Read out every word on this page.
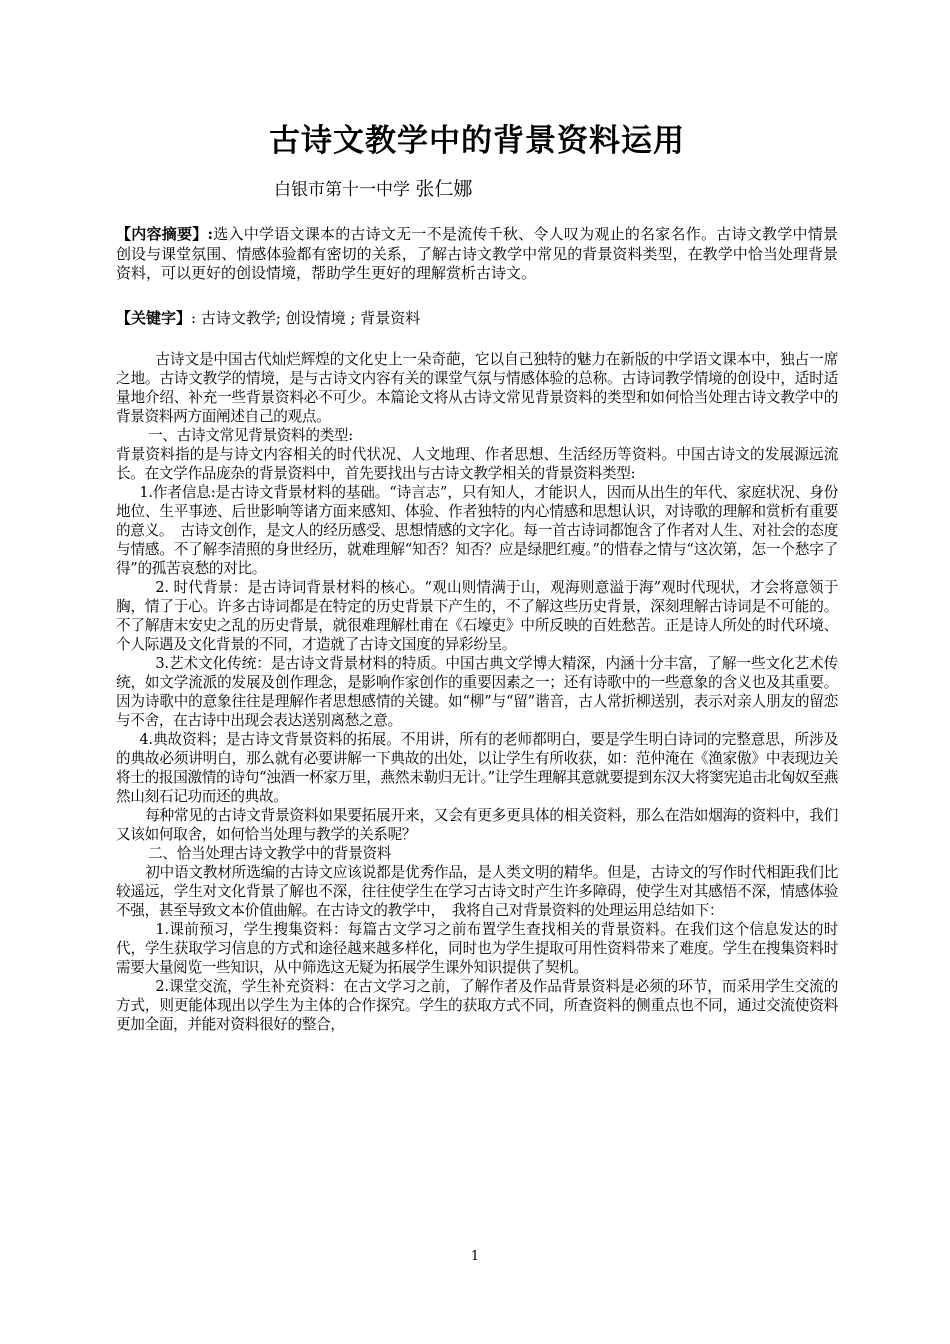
古诗文教学中的背景资料运用
白银市第十一中学 张仁娜
【内容摘要】:选入中学语文课本的古诗文无一不是流传千秋、令人叹为观止的名家名作。古诗文教学中情景创设与课堂氛围、情感体验都有密切的关系，了解古诗文教学中常见的背景资料类型，在教学中恰当处理背景资料，可以更好的创设情境，帮助学生更好的理解赏析古诗文。
【关键字】: 古诗文教学; 创设情境 ; 背景资料

古诗文是中国古代灿烂辉煌的文化史上一朵奇葩，它以自己独特的魅力在新版的中学语文课本中，独占一席之地。古诗文教学的情境，是与古诗文内容有关的课堂气氛与情感体验的总称。古诗词教学情境的创设中，适时适量地介绍、补充一些背景资料必不可少。本篇论文将从古诗文常见背景资料的类型和如何恰当处理古诗文教学中的背景资料两方面阐述自己的观点。

一、古诗文常见背景资料的类型:

背景资料指的是与诗文内容相关的时代状况、人文地理、作者思想、生活经历等资料。中国古诗文的发展源远流长。在文学作品庞杂的背景资料中，首先要找出与古诗文教学相关的背景资料类型:

1.作者信息:是古诗文背景材料的基础。“诗言志”，只有知人，才能识人，因而从出生的年代、家庭状况、身份地位、生平事迹、后世影响等诸方面来感知、体验、作者独特的内心情感和思想认识，对诗歌的理解和赏析有重要的意义。　古诗文创作，是文人的经历感受、思想情感的文字化。每一首古诗词都饱含了作者对人生、对社会的态度与情感。不了解李清照的身世经历，就难理解“知否？知否？应是绿肥红瘦。”的惜春之情与“这次第，怎一个愁字了得”的孤苦哀愁的对比。

2. 时代背景：是古诗词背景材料的核心。“观山则情满于山，观海则意溢于海”观时代现状，才会将意领于胸，情了于心。许多古诗词都是在特定的历史背景下产生的，不了解这些历史背景，深刻理解古诗词是不可能的。不了解唐末安史之乱的历史背景，就很难理解杜甫在《石壕吏》中所反映的百姓愁苦。正是诗人所处的时代环境、个人际遇及文化背景的不同，才造就了古诗文国度的异彩纷呈。

3.艺术文化传统：是古诗文背景材料的特质。中国古典文学博大精深，内涵十分丰富，了解一些文化艺术传统，如文学流派的发展及创作理念，是影响作家创作的重要因素之一；还有诗歌中的一些意象的含义也及其重要。因为诗歌中的意象往往是理解作者思想感情的关键。如“柳”与“留”谐音，古人常折柳送别，表示对亲人朋友的留恋与不舍，在古诗中出现会表达送别离愁之意。

4.典故资料；是古诗文背景资料的拓展。不用讲，所有的老师都明白，要是学生明白诗词的完整意思，所涉及的典故必须讲明白，那么就有必要讲解一下典故的出处，以让学生有所收获，如：范仲淹在《渔家傲》中表现边关将士的报国激情的诗句“浊酒一杯家万里，燕然未勒归无计。”让学生理解其意就要提到东汉大将窦宪追击北匈奴至燕然山刻石记功而还的典故。

每种常见的古诗文背景资料如果要拓展开来，又会有更多更具体的相关资料，那么在浩如烟海的资料中，我们又该如何取舍，如何恰当处理与教学的关系呢？

二、恰当处理古诗文教学中的背景资料

初中语文教材所选编的古诗文应该说都是优秀作品，是人类文明的精华。但是，古诗文的写作时代相距我们比较遥远，学生对文化背景了解也不深，往往使学生在学习古诗文时产生许多障碍，使学生对其感悟不深，情感体验不强，甚至导致文本价值曲解。在古诗文的教学中，　我将自己对背景资料的处理运用总结如下：

1.课前预习，学生搜集资料：每篇古文学习之前布置学生查找相关的背景资料。在我们这个信息发达的时代，学生获取学习信息的方式和途径越来越多样化，同时也为学生提取可用性资料带来了难度。学生在搜集资料时需要大量阅览一些知识，从中筛选这无疑为拓展学生课外知识提供了契机。

2.课堂交流，学生补充资料：在古文学习之前，了解作者及作品背景资料是必须的环节，而采用学生交流的方式，则更能体现出以学生为主体的合作探究。学生的获取方式不同，所查资料的侧重点也不同，通过交流使资料更加全面，并能对资料很好的整合，

1
